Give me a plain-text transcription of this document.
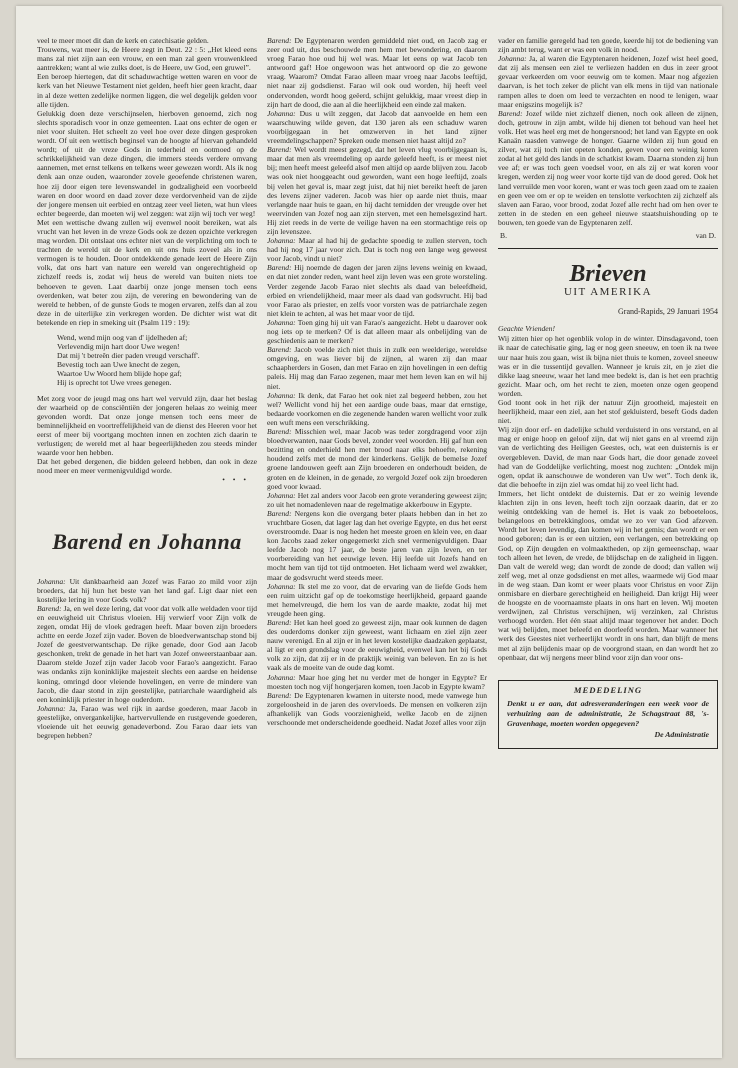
veel te meer moet dit dan de kerk en catechisatie gelden.

Trouwens, wat meer is, de Heere zegt in Deut. 22 : 5: „Het kleed eens mans zal niet zijn aan een vrouw, en een man zal geen vrouwenkleed aantrekken; want al wie zulks doet, is de Heere, uw God, een gruwel”.

Een beroep hiertegen, dat dit schaduwachtige wetten waren en voor de kerk van het Nieuwe Testament niet gelden, heeft hier geen kracht, daar in al deze wetten zedelijke normen liggen, die wel degelijk gelden voor alle tijden.

Gelukkig doen deze verschijnselen, hierboven genoemd, zich nog slechts sporadisch voor in onze gemeenten. Laat ons echter de ogen er niet voor sluiten. Het scheelt zo veel hoe over deze dingen gesproken wordt. Of uit een wettisch beginsel van de hoogte af hiervan gehandeld wordt; of uit de vreze Gods in tederheid en ootmoed op de schrikkelijkheid van deze dingen, die immers steeds verdere omvang aannemen, met ernst telkens en telkens weer gewezen wordt. Als ik nog denk aan onze ouden, waaronder zovele geoefende christenen waren, hoe zij door eigen tere levenswandel in godzaligheid een voorbeeld waren en door woord en daad zover deze verdorvenheid van de zijde der jongere mensen uit eerbied en ontzag zeer veel lieten, wat hun vlees echter begeerde, dan moeten wij wel zeggen: wat zijn wij toch ver weg!

Met een wettische dwang zullen wij evenwel nooit bereiken, wat als vrucht van het leven in de vreze Gods ook ze dezen opzichte verkregen mag worden. Dit ontslaat ons echter niet van de verplichting om toch te trachten de wereld uit de kerk en uit ons huis zoveel als in ons vermogen is te houden. Door ontdekkende genade leert de Heere Zijn volk, dat ons hart van nature een wereld van ongerechtigheid op zichzelf reeds is, zodat wij heus de wereld van buiten niets toe behoeven te geven. Laat daarbij onze jonge mensen toch eens overdenken, wat beter zou zijn, de verering en bewondering van de wereld te hebben, of de gunste Gods te mogen ervaren, zelfs dan al zou deze in de uiterlijke zin verkregen worden. De dichter wist wat dit betekende en riep in smeking uit (Psalm 119 : 19):

Wend, wend mijn oog van d' ijdelheden af;
Verlevendig mijn hart door Uwe wegen!
Dat mij 't betreên dier paden vreugd verschaff'.
Bevestig toch aan Uwe knecht de zegen,
Waartoe Uw Woord hem blijde hope gaf;
Hij is oprecht tot Uwe vrees genegen.

Met zorg voor de jeugd mag ons hart wel vervuld zijn, daar het beslag der waarheid op de consciëntiën der jongeren helaas zo weinig meer gevonden wordt. Dat onze jonge mensen toch eens meer de beminnelijkheid en voortreffelijkheid van de dienst des Heeren voor het eerst of meer bij voortgang mochten innen en zochten zich daarin te verlustigen; de wereld met al haar begeerlijkheden zou steeds minder waarde voor hen hebben.

Dat het gebed dergenen, die bidden geleerd hebben, dan ook in deze nood meer en meer vermenigvuldigd worde.

• • •
Barend en Johanna

Johanna: Uit dankbaarheid aan Jozef was Farao zo mild voor zijn broeders, dat hij hun het beste van het land gaf. Ligt daar niet een kostelijke lering in voor Gods volk?

Barend: Ja, en wel deze lering, dat voor dat volk alle weldaden voor tijd en eeuwigheid uit Christus vloeien. Hij verwierf voor Zijn volk de zegen, omdat Hij de vloek gedragen heeft. Maar boven zijn broeders achtte en eerde Jozef zijn vader. Boven de bloedverwantschap stond bij Jozef de geestverwantschap. De rijke genade, door God aan Jacob geschonken, trekt de genade in het hart van Jozef onweerstaanbaar aan. Daarom stelde Jozef zijn vader Jacob voor Farao's aangezicht. Farao was ondanks zijn koninklijke majesteit slechts een aardse en heidense koning, omringd door vleiende hovelingen, en verre de mindere van Jacob, die daar stond in zijn geestelijke, patriarchale waardigheid als een koninklijk priester in hoge ouderdom.

Johanna: Ja, Farao was wel rijk in aardse goederen, maar Jacob in geestelijke, onvergankelijke, hartvervullende en rustgevende goederen, vloeiende uit het eeuwig genadeverbond. Zou Farao daar iets van begrepen hebben?

Barend: De Egyptenaren werden gemiddeld niet oud, en Jacob zag er zeer oud uit, dus beschouwde men hem met bewondering, en daarom vroeg Farao hoe oud hij wel was. Maar let eens op wat Jacob ten antwoord gaf! Hoe ongewoon was het antwoord op die zo gewone vraag. Waarom? Omdat Farao alleen maar vroeg naar Jacobs leeftijd, niet naar zij godsdienst. Farao wil ook oud worden, hij heeft veel ondervonden, wordt hoog geëerd, schijnt gelukkig, maar vreest diep in zijn hart de dood, die aan al die heerlijkheid een einde zal maken.

Johanna: Dus u wilt zeggen, dat Jacob dat aanvoelde en hem een waarschuwing wilde geven, dat 130 jaren als een schaduw waren voorbijgegaan in het omzwerven in het land zijner vreemdelingschappen? Spreken oude mensen niet haast altijd zo?

Barend: Wel wordt meest gezegd, dat het leven vlug voorbijgegaan is, maar dat men als vreemdeling op aarde geleefd heeft, is er meest niet bij; men heeft meest geleefd alsof men altijd op aarde blijven zou. Jacob was ook niet hooggeacht oud geworden, want een hoge leeftijd, zoals bij velen het geval is, maar zegt juist, dat hij niet bereikt heeft de jaren des levens zijner vaderen. Jacob was hier op aarde niet thuis, maar verlangde naar huis te gaan, en hij dacht temidden der vreugde over het weervinden van Jozef nog aan zijn sterven, met een hemelsgezind hart. Hij ziet reeds in de verte de veilige haven na een stormachtige reis op zijn levenszee.

Johanna: Maar al had hij de gedachte spoedig te zullen sterven, toch had hij nog 17 jaar voor zich. Dat is toch nog een lange weg geweest voor Jacob, vindt u niet?

Barend: Hij noemde de dagen der jaren zijns levens weinig en kwaad, en dat niet zonder reden, want heel zijn leven was een grote worsteling. Verder zegende Jacob Farao niet slechts als daad van beleefdheid, erbied en vriendelijkheid, maar meer als daad van godsvrucht. Hij bad voor Farao als priester, en zelfs voor vorsten was de patriarchale zegen niet klein te achten, al was het maar voor de tijd.

Johanna: Toen ging hij uit van Farao's aangezicht. Hebt u daarover ook nog iets op te merken? Of is dat alleen maar als onbelijding van de geschiedenis aan te merken?

Barend: Jacob voelde zich niet thuis in zulk een weelderige, wereldse omgeving, en was liever bij de zijnen, al waren zij dan maar schaapherders in Gosen, dan met Farao en zijn hovelingen in een deftig paleis. Hij mag dan Farao zegenen, maar met hem leven kan en wil hij niet.

Johanna: Ik denk, dat Farao het ook niet zal begeerd hebben, zou het wel? Wellicht vond hij het een aardige oude baas, maar dat ernstige, bedaarde voorkomen en die zegenende handen waren wellicht voor zulk een wuft mens een verschrikking.

Barend: Misschien wel, maar Jacob was teder zorgdragend voor zijn bloedverwanten, naar Gods bevel, zonder veel woorden. Hij gaf hun een bezitting en onderhield hen met brood naar elks behoefte, rekening houdend zelfs met de mond der kinderkens. Gelijk de bemelse Jozef groene landouwen geeft aan Zijn broederen en onderhoudt beiden, de groten en de kleinen, in de genade, zo vergold Jozef ook zijn broederen goed voor kwaad.

Johanna: Het zal anders voor Jacob een grote verandering geweest zijn; zo uit het nomadenleven naar de regelmatige akkerbouw in Egypte.

Barend: Nergens kon die overgang beter plaats hebben dan in het zo vruchtbare Gosen, dat lager lag dan het overige Egypte, en dus het eerst overstroomde. Daar is nog heden het meeste groen en klein vee, en daar kon Jacobs zaad zeker ongegemerkt zich snel vermenigvuldigen. Daar leefde Jacob nog 17 jaar, de beste jaren van zijn leven, en ter voorbereiding van het eeuwige leven. Hij leefde uit Jozefs hand en mocht hem van tijd tot tijd ontmoeten. Het lichaam werd wel zwakker, maar de godsvrucht werd steeds meer.

Johanna: Ik stel me zo voor, dat de ervaring van de liefde Gods hem een ruim uitzicht gaf op de toekomstige heerlijkheid, gepaard gaande met hemelvreugd, die hem los van de aarde maakte, zodat hij met vreugde heen ging.

Barend: Het kan heel goed zo geweest zijn, maar ook kunnen de dagen des ouderdoms donker zijn geweest, want lichaam en ziel zijn zeer nauw verenigd. En al zijn er in het leven kostelijke daadzaken geplaatst, al ligt er een grondslag voor de eeuwigheid, evenwel kan het bij Gods volk zo zijn, dat zij er in de praktijk weinig van beleven. En zo is het vaak als de moeite van de oude dag komt.

Johanna: Maar hoe ging het nu verder met de honger in Egypte? Er moesten toch nog vijf hongerjaren komen, toen Jacob in Egypte kwam?

Barend: De Egyptenaren kwamen in uiterste nood, mede vanwege hun zorgeloosheid in de jaren des overvloeds. De mensen en volkeren zijn afhankelijk van Gods voorzienigheid, welke Jacob en de zijnen verschoonde met onderscheidende goedheid. Nadat Jozef alles voor zijn

vader en familie geregeld had ten goede, keerde hij tot de bediening van zijn ambt terug, want er was een volk in nood.

Johanna: Ja, al waren die Egyptenaren heidenen, Jozef wist heel goed, dat zij als mensen een ziel te verliezen hadden en dus in zeer groot gevaar verkeerden om voor eeuwig om te komen. Maar nog afgezien daarvan, is het toch zeker de plicht van elk mens in tijd van nationale rampen alles te doen om leed te verzachten en nood te lenigen, waar maar enigszins mogelijk is?

Barend: Jozef wilde niet zichzelf dienen, noch ook alleen de zijnen, doch, getrouw in zijn ambt, wilde hij dienen tot behoud van heel het volk. Het was heel erg met de hongersnood; het land van Egypte en ook Kanaän raasden vanwege de honger. Gaarne wilden zij hun goud en zilver, wat zij toch niet opeten konden, geven voor een weinig koren zodat al het geld des lands in de schatkist kwam. Daarna stonden zij hun vee af; er was toch geen voedsel voor, en als zij er wat koren voor kregen, werden zij nog weer voor korte tijd van de dood gered. Ook het land verruilde men voor koren, want er was toch geen zaad om te zaaien en geen vee om er op te weiden en tenslotte verkochten zij zichzelf als slaven aan Farao, voor brood, zodat Jozef alle recht had om hen over te zetten in de steden en een geheel nieuwe staatshuishouding op te bouwen, ten goede van de Egyptenaren zelf.

B.	van D.
Brieven
UIT AMERIKA
Grand-Rapids, 29 Januari 1954
Geachte Vrienden!

Wij zitten hier op het ogenblik volop in de winter. Dinsdagavond, toen ik naar de catechisatie ging, lag er nog geen sneeuw, en toen ik na twee uur naar huis zou gaan, wist ik bijna niet thuis te komen, zoveel sneeuw was er in die tussentijd gevallen. Wanneer je kruis zit, en je ziet die dikke laag sneeuw, waar het land mee bedekt is, dan is het een prachtig gezicht. Maar och, om het recht te zien, moeten onze ogen geopend worden.

God toont ook in het rijk der natuur Zijn grootheid, majesteit en heerlijkheid, maar een ziel, aan het stof gekluisterd, beseft Gods daden niet.

Wij zijn door erf- en dadelijke schuld verduisterd in ons verstand, en al mag er enige hoop en geloof zijn, dat wij niet gans en al vreemd zijn van de verlichting des Heiligen Geestes, och, wat een duisternis is er overgebleven. David, de man naar Gods hart, die door genade zoveel had van de Goddelijke verlichting, moest nog zuchten: „Ontdek mijn ogen, opdat ik aanschouwe de wonderen van Uw wet”. Toch denk ik, dat die behoefte in zijn ziel was omdat hij zo veel licht had.

Immers, het licht ontdekt de duisternis. Dat er zo weinig levende klachten zijn in ons leven, heeft toch zijn oorzaak daarin, dat er zo weinig ontdekking van de hemel is. Het is vaak zo beboeteloos, belangeloos en betrekkingloos, omdat we zo ver van God afzeven. Wordt het leven levendig, dan komen wij in het gemis; dan wordt er een nood geboren; dan is er een uitzien, een verlangen, een betrekking op God, op Zijn deugden en volmaaktheden, op zijn gemeenschap, waar toch alleen het leven, de vrede, de blijdschap en de zaligheid in liggen. Dan valt de wereld weg; dan wordt de zonde de dood; dan vallen wij zelf weg, met al onze godsdienst en met alles, waarmede wij God maar in de weg staan. Dan komt er weer plaats voor Christus en voor Zijn onmisbare en dierbare gerechtigheid en heiligheid. Dan krijgt Hij weer de hoogste en de voornaamste plaats in ons hart en leven. Wij moeten verdwijnen, zal Christus verschijnen, wij verzinken, zal Christus verhoogd worden. Het één staat altijd maar tegenover het ander. Doch wat wij belijden, moet beleefd en doorleefd worden. Maar wanneer het werk des Geestes niet verheerlijkt wordt in ons hart, dan blijft de mens met al zijn belijdenis maar op de voorgrond staan, en dan wordt het zo openbaar, dat wij nergens meer blind voor zijn dan voor ons-

MEDEDELING
Denkt u er aan, dat adresveranderingen een week voor de verhuizing aan de administratie, 2e Schagstraat 88, 's-Gravenhage, moeten worden opgegeven?
De Administratie
